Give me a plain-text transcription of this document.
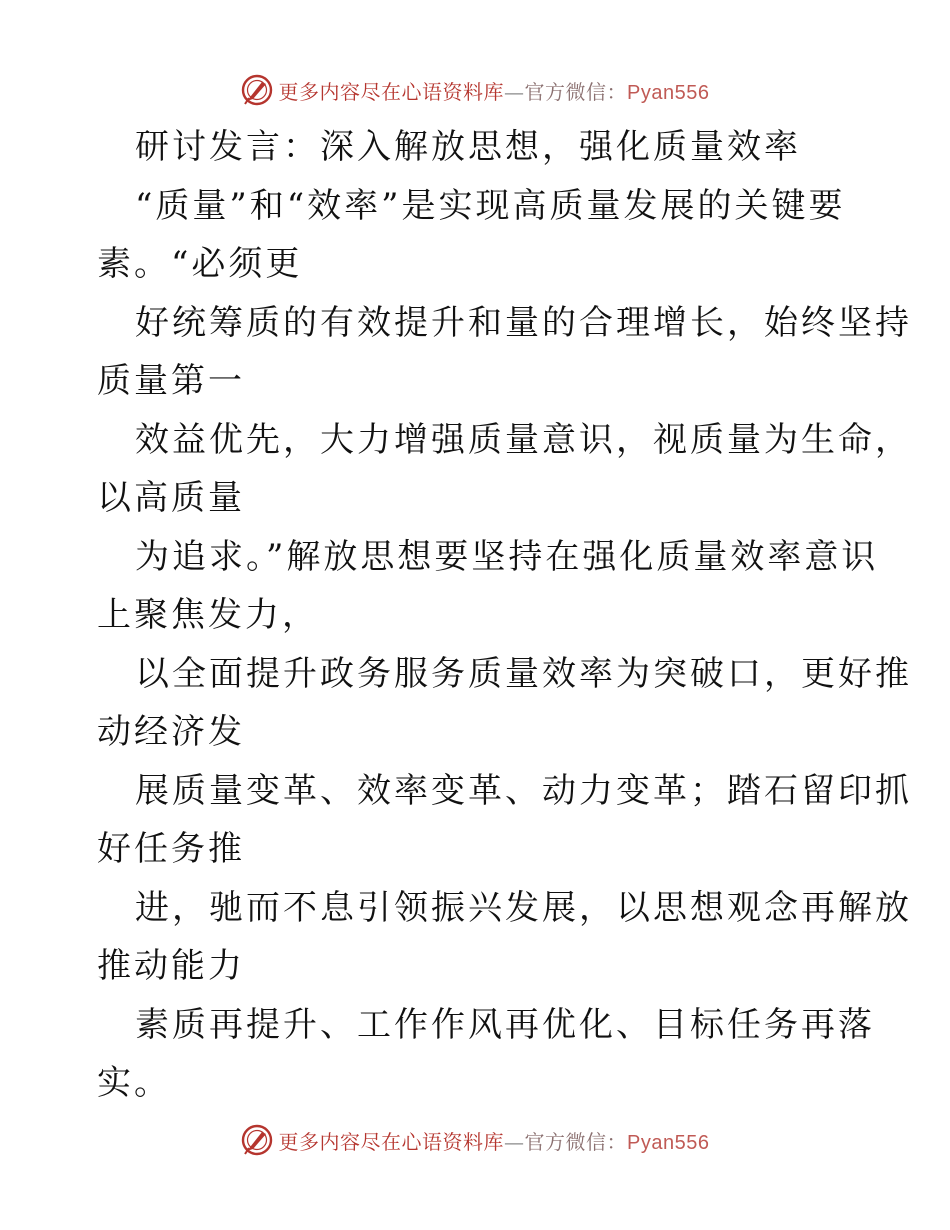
更多内容尽在心语资料库—官方微信：Pyan556
研讨发言：深入解放思想，强化质量效率
“质量”和“效率”是实现高质量发展的关键要
素。“必须更
好统筹质的有效提升和量的合理增长，始终坚持
质量第一
效益优先，大力增强质量意识，视质量为生命，
以高质量
为追求。”解放思想要坚持在强化质量效率意识
上聚焦发力，
以全面提升政务服务质量效率为突破口，更好推
动经济发
展质量变革、效率变革、动力变革；踏石留印抓
好任务推
进，驰而不息引领振兴发展，以思想观念再解放
推动能力
素质再提升、工作作风再优化、目标任务再落
实。
更多内容尽在心语资料库—官方微信：Pyan556
